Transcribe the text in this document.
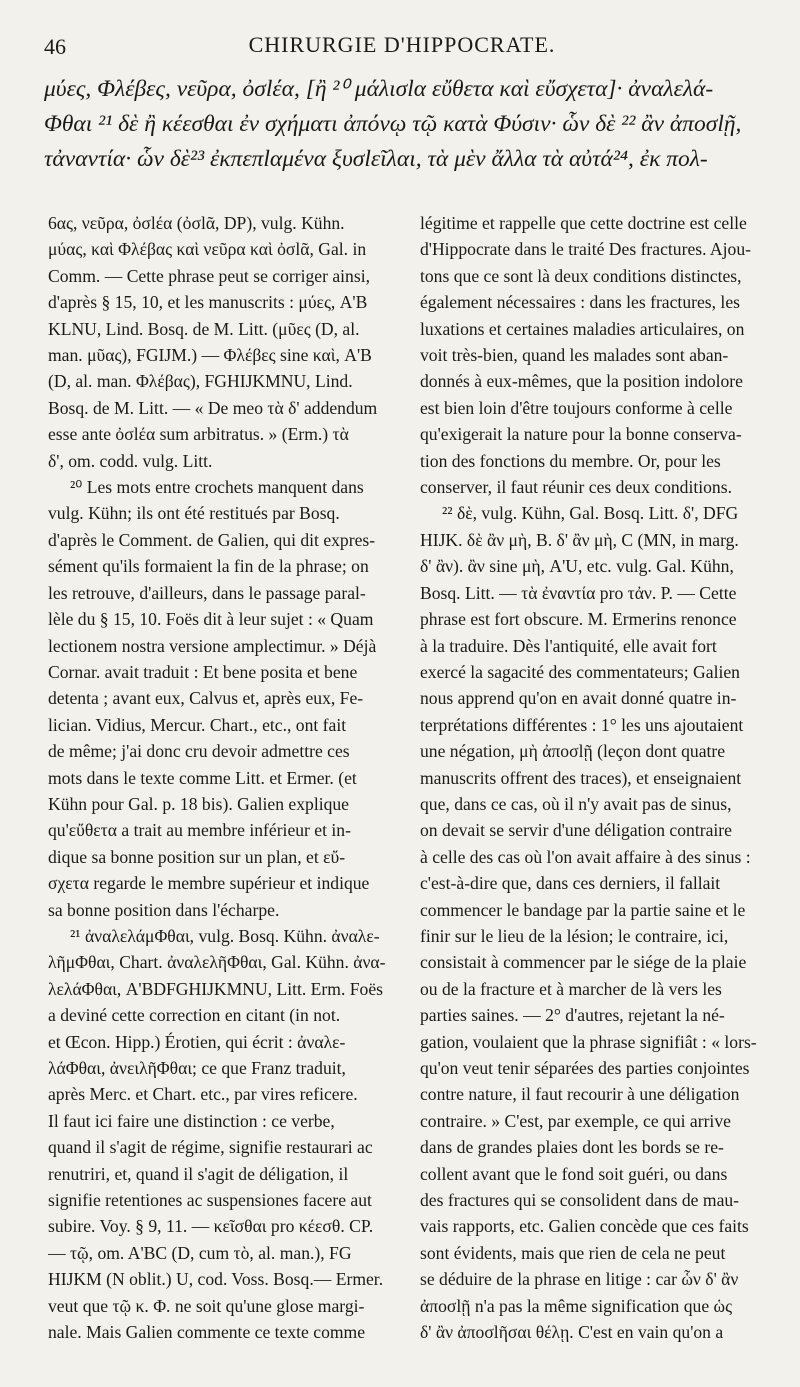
46	CHIRURGIE D'HIPPOCRATE.
μύες, Φλέβες, νεῦρα, ὀσlέα, [ἢ ²⁰ μάλισlα εὔθετα καὶ εὔσχετα]· ἀναλελά-
Φθαι ²¹ δὲ ἢ κέεσθαι ἐν σχήματι ἀπόνῳ τῷ κατὰ Φύσιν· ὧν δὲ ²² ἂν ἀποσlῇ,
τἀναντία· ὧν δὲ²³ ἐκπεπlαμένα ξυσlεῖλαι, τὰ μὲν ἄλλα τὰ αὐτά²⁴, ἐκ πολ-
6ας, νεῦρα, ὀσlέα (ὀσlᾶ, DP), vulg. Kühn.
μύας, καὶ Φλέβας καὶ νεῦρα καὶ ὀσlᾶ, Gal. in
Comm. — Cette phrase peut se corriger ainsi,
d'après § 15, 10, et les manuscrits : μύες, A'B
KLNU, Lind. Bosq. de M. Litt. (μῦες (D, al.
man. μῦας), FGIJM.) — Φλέβες sine καὶ, A'B
(D, al. man. Φλέβας), FGHIJKMNU, Lind.
Bosq. de M. Litt. — « De meo τὰ δ' addendum
esse ante ὀσlέα sum arbitratus. » (Erm.) τὰ
δ', om. codd. vulg. Litt.
²⁰ Les mots entre crochets manquent dans
vulg. Kühn; ils ont été restitués par Bosq.
d'après le Comment. de Galien, qui dit expres-
sément qu'ils formaient la fin de la phrase; on
les retrouve, d'ailleurs, dans le passage paral-
lèle du § 15, 10. Foës dit à leur sujet : « Quam
lectionem nostra versione amplectimur. » Déjà
Cornar. avait traduit : Et bene posita et bene
detenta ; avant eux, Calvus et, après eux, Fe-
lician. Vidius, Mercur. Chart., etc., ont fait
de même; j'ai donc cru devoir admettre ces
mots dans le texte comme Litt. et Ermer. (et
Kühn pour Gal. p. 18 bis). Galien explique
qu'εὔθετα a trait au membre inférieur et in-
dique sa bonne position sur un plan, et εὔ-
σχετα regarde le membre supérieur et indique
sa bonne position dans l'écharpe.
²¹ ἀναλελάμΦθαι, vulg. Bosq. Kühn. ἀναλε-
λῆμΦθαι, Chart. ἀναλελῆΦθαι, Gal. Kühn. ἀνα-
λελάΦθαι, A'BDFGHIJKMNU, Litt. Erm. Foës
a deviné cette correction en citant (in not.
et Œcon. Hipp.) Érotien, qui écrit : ἀναλε-
λάΦθαι, ἀνειλῆΦθαι; ce que Franz traduit,
après Merc. et Chart. etc., par vires reficere.
Il faut ici faire une distinction : ce verbe,
quand il s'agit de régime, signifie restaurari ac
renutriri, et, quand il s'agit de déligation, il
signifie retentiones ac suspensiones facere aut
subire. Voy. § 9, 11. — κεῖσθαι pro κέεσθ. CP.
— τῷ, om. A'BC (D, cum τὸ, al. man.), FG
HIJKM (N oblit.) U, cod. Voss. Bosq.— Ermer.
veut que τῷ κ. Φ. ne soit qu'une glose margi-
nale. Mais Galien commente ce texte comme
légitime et rappelle que cette doctrine est celle
d'Hippocrate dans le traité Des fractures. Ajou-
tons que ce sont là deux conditions distinctes,
également nécessaires : dans les fractures, les
luxations et certaines maladies articulaires, on
voit très-bien, quand les malades sont aban-
donnés à eux-mêmes, que la position indolore
est bien loin d'être toujours conforme à celle
qu'exigerait la nature pour la bonne conserva-
tion des fonctions du membre. Or, pour les
conserver, il faut réunir ces deux conditions.
²² δὲ, vulg. Kühn, Gal. Bosq. Litt. δ', DFG
HIJK. δὲ ἂν μὴ, B. δ' ἂν μὴ, C (MN, in marg.
δ' ἂν). ἂν sine μὴ, A'U, etc. vulg. Gal. Kühn,
Bosq. Litt. — τὰ ἐναντία pro τἀν. P. — Cette
phrase est fort obscure. M. Ermerins renonce
à la traduire. Dès l'antiquité, elle avait fort
exercé la sagacité des commentateurs; Galien
nous apprend qu'on en avait donné quatre in-
terprétations différentes : 1° les uns ajoutaient
une négation, μὴ ἀποσlῇ (leçon dont quatre
manuscrits offrent des traces), et enseignaient
que, dans ce cas, où il n'y avait pas de sinus,
on devait se servir d'une déligation contraire
à celle des cas où l'on avait affaire à des sinus :
c'est-à-dire que, dans ces derniers, il fallait
commencer le bandage par la partie saine et le
finir sur le lieu de la lésion; le contraire, ici,
consistait à commencer par le siége de la plaie
ou de la fracture et à marcher de là vers les
parties saines. — 2° d'autres, rejetant la né-
gation, voulaient que la phrase signifiât : « lors-
qu'on veut tenir séparées des parties conjointes
contre nature, il faut recourir à une déligation
contraire. » C'est, par exemple, ce qui arrive
dans de grandes plaies dont les bords se re-
collent avant que le fond soit guéri, ou dans
des fractures qui se consolident dans de mau-
vais rapports, etc. Galien concède que ces faits
sont évidents, mais que rien de cela ne peut
se déduire de la phrase en litige : car ὧν δ' ἂν
ἀποσlῇ n'a pas la même signification que ὡς
δ' ἂν ἀποσlῆσαι θέλῃ. C'est en vain qu'on a
